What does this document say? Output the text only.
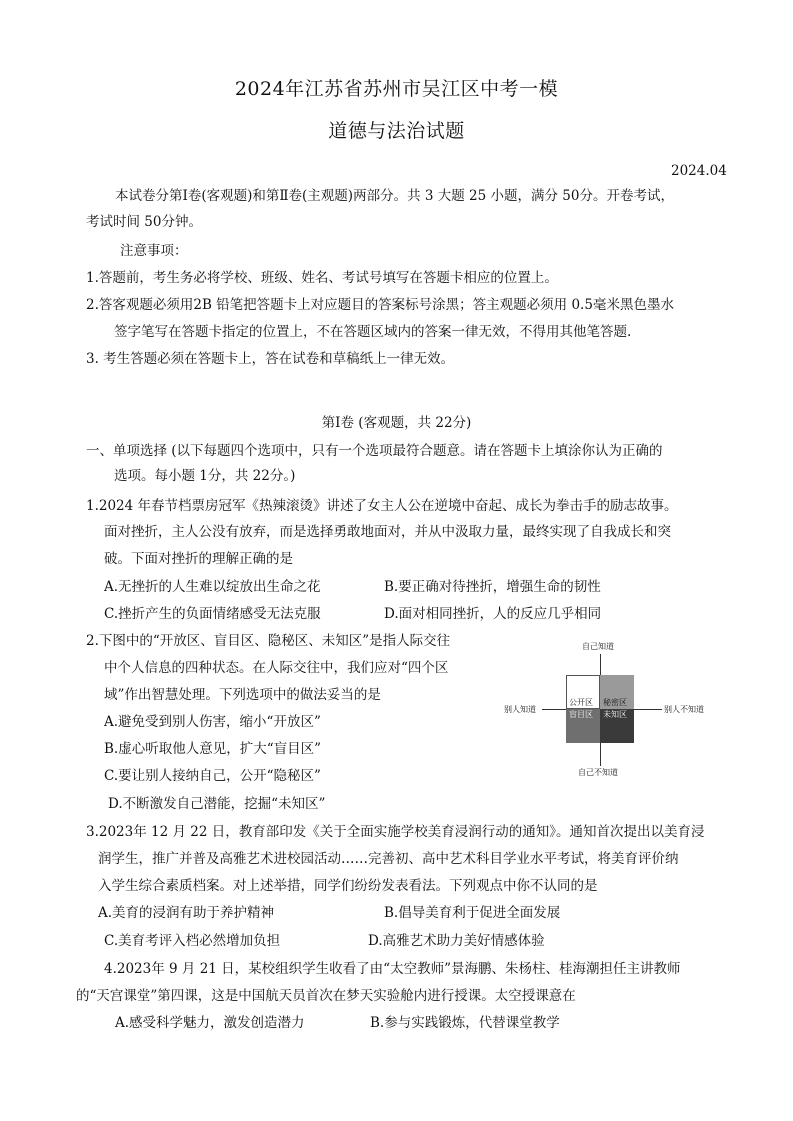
2024年江苏省苏州市吴江区中考一模
道德与法治试题
2024.04
本试卷分第Ⅰ卷(客观题)和第Ⅱ卷(主观题)两部分。共 3 大题 25 小题，满分 50分。开卷考试，
考试时间 50分钟。
注意事项：
1.答题前，考生务必将学校、班级、姓名、考试号填写在答题卡相应的位置上。
2.答客观题必须用2B 铅笔把答题卡上对应题目的答案标号涂黑；答主观题必须用 0.5毫米黑色墨水
签字笔写在答题卡指定的位置上，不在答题区域内的答案一律无效，不得用其他笔答题.
3. 考生答题必须在答题卡上，答在试卷和草稿纸上一律无效。
第Ⅰ卷 (客观题，共 22分)
一、单项选择 (以下每题四个选项中，只有一个选项最符合题意。请在答题卡上填涂你认为正确的
选项。每小题 1分，共 22分。)
1.2024 年春节档票房冠军《热辣滚烫》讲述了女主人公在逆境中奋起、成长为拳击手的励志故事。
面对挫折，主人公没有放弃，而是选择勇敢地面对，并从中汲取力量，最终实现了自我成长和突
破。下面对挫折的理解正确的是
A.无挫折的人生难以绽放出生命之花	B.要正确对待挫折，增强生命的韧性
C.挫折产生的负面情绪感受无法克服	D.面对相同挫折，人的反应几乎相同
2.下图中的“开放区、盲目区、隐秘区、未知区”是指人际交往
中个人信息的四种状态。在人际交往中，我们应对“四个区
域”作出智慧处理。下列选项中的做法妥当的是
A.避免受到别人伤害，缩小“开放区”
B.虚心听取他人意见，扩大“盲目区”
C.要让别人接纳自己，公开“隐秘区”
D.不断激发自己潜能，挖掘“未知区”
公开区 秘密区
盲目区 未知区
自己知道
自己不知道
别人知道	别人不知道
3.2023年 12 月 22 日，教育部印发《关于全面实施学校美育浸润行动的通知》。通知首次提出以美育浸
润学生，推广并普及高雅艺术进校园活动……完善初、高中艺术科目学业水平考试，将美育评价纳
入学生综合素质档案。对上述举措，同学们纷纷发表看法。下列观点中你不认同的是
A.美育的浸润有助于养护精神	B.倡导美育利于促进全面发展
C.美育考评入档必然增加负担	D.高雅艺术助力美好情感体验
4.2023年 9 月 21 日，某校组织学生收看了由“太空教师”景海鹏、朱杨柱、桂海潮担任主讲教师
的“天宫课堂”第四课，这是中国航天员首次在梦天实验舱内进行授课。太空授课意在
A.感受科学魅力，激发创造潜力	B.参与实践锻炼，代替课堂教学
